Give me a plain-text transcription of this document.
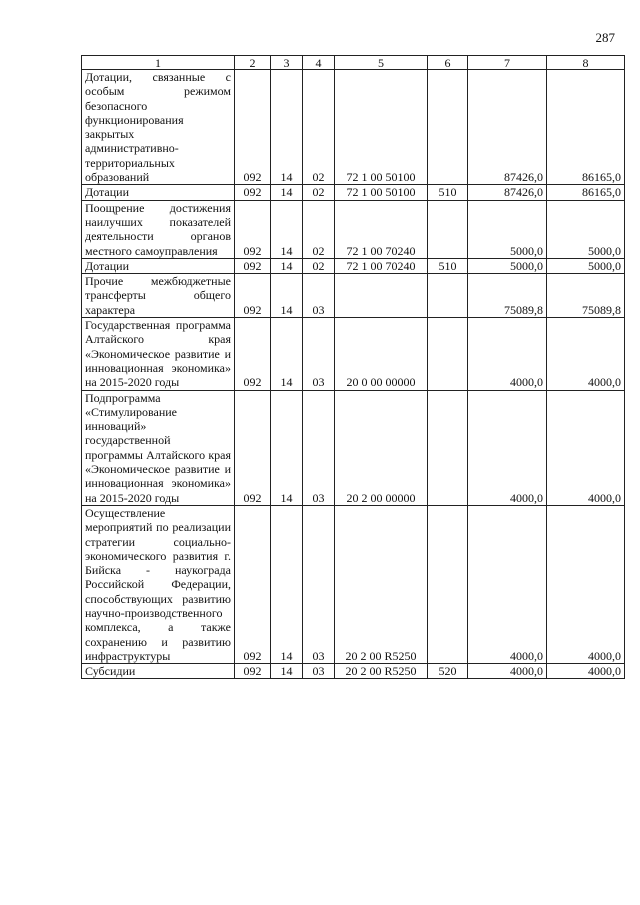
287
1	2	3	4	5	6	7	8
Дотации, связанные с особым режимом безопасного функционирования закрытых административно-территориальных образований	092	14	02	72 1 00 50100		87426,0	86165,0
Дотации	092	14	02	72 1 00 50100	510	87426,0	86165,0
Поощрение достижения наилучших показателей деятельности органов местного самоуправления	092	14	02	72 1 00 70240		5000,0	5000,0
Дотации	092	14	02	72 1 00 70240	510	5000,0	5000,0
Прочие межбюджетные трансферты общего характера	092	14	03			75089,8	75089,8
Государственная программа Алтайского края «Экономическое развитие и инновационная экономика» на 2015-2020 годы	092	14	03	20 0 00 00000		4000,0	4000,0
Подпрограмма «Стимулирование инноваций» государственной программы Алтайского края «Экономическое развитие и инновационная экономика» на 2015-2020 годы	092	14	03	20 2 00 00000		4000,0	4000,0
Осуществление мероприятий по реализации стратегии социально-экономического развития г. Бийска - наукограда Российской Федерации, способствующих развитию научно-производственного комплекса, а также сохранению и развитию инфраструктуры	092	14	03	20 2 00 R5250		4000,0	4000,0
Субсидии	092	14	03	20 2 00 R5250	520	4000,0	4000,0
